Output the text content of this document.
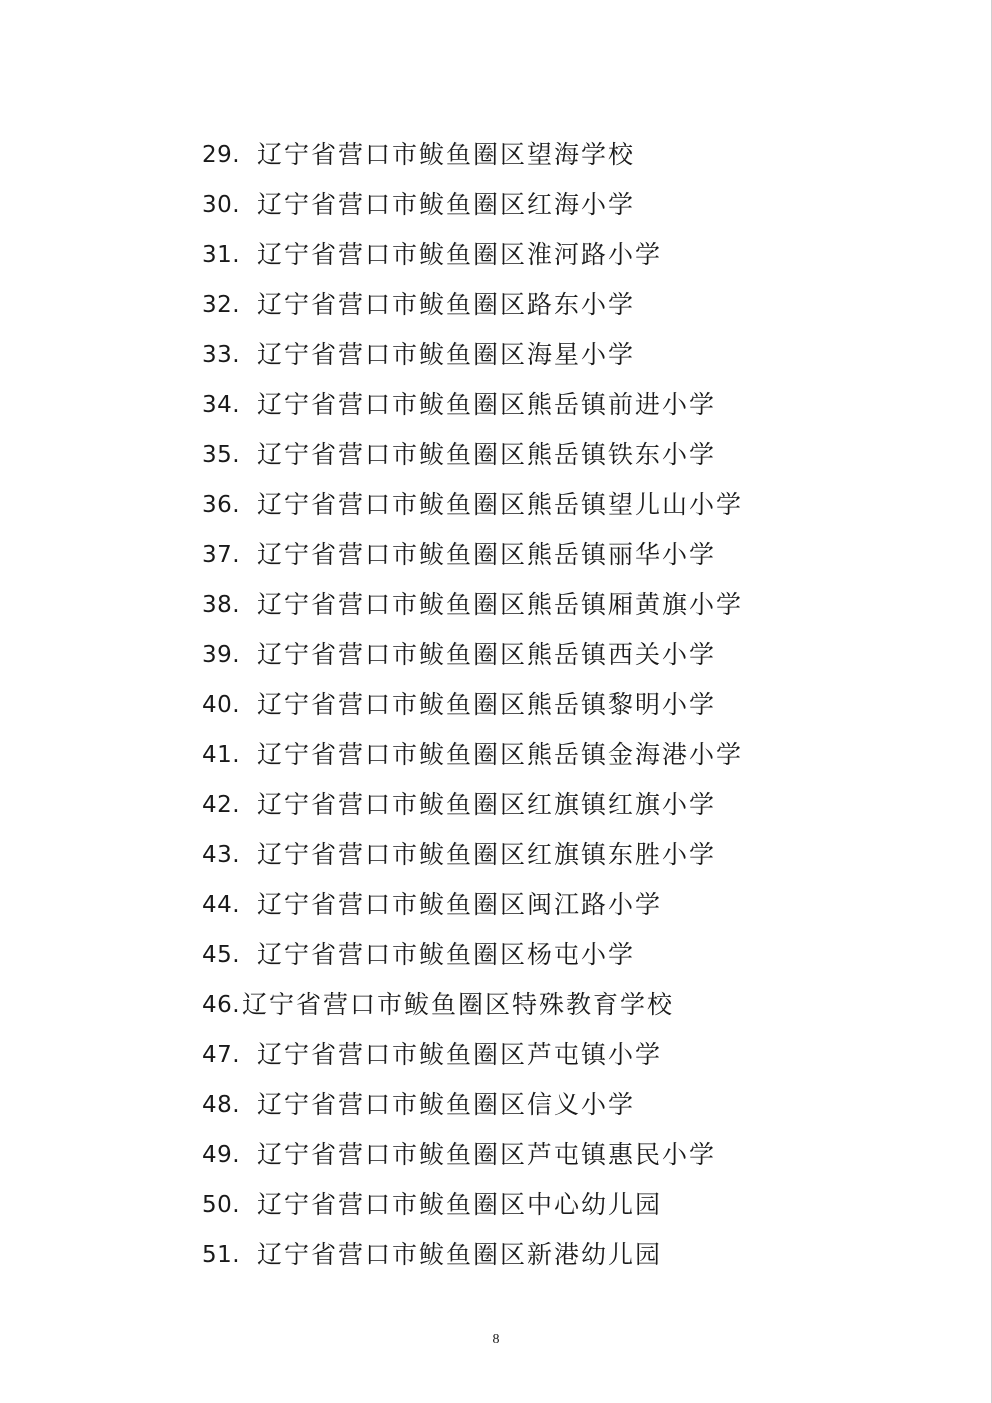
29. 辽宁省营口市鲅鱼圈区望海学校
30. 辽宁省营口市鲅鱼圈区红海小学
31. 辽宁省营口市鲅鱼圈区淮河路小学
32. 辽宁省营口市鲅鱼圈区路东小学
33. 辽宁省营口市鲅鱼圈区海星小学
34. 辽宁省营口市鲅鱼圈区熊岳镇前进小学
35. 辽宁省营口市鲅鱼圈区熊岳镇铁东小学
36. 辽宁省营口市鲅鱼圈区熊岳镇望儿山小学
37. 辽宁省营口市鲅鱼圈区熊岳镇丽华小学
38. 辽宁省营口市鲅鱼圈区熊岳镇厢黄旗小学
39. 辽宁省营口市鲅鱼圈区熊岳镇西关小学
40. 辽宁省营口市鲅鱼圈区熊岳镇黎明小学
41. 辽宁省营口市鲅鱼圈区熊岳镇金海港小学
42. 辽宁省营口市鲅鱼圈区红旗镇红旗小学
43. 辽宁省营口市鲅鱼圈区红旗镇东胜小学
44. 辽宁省营口市鲅鱼圈区闽江路小学
45. 辽宁省营口市鲅鱼圈区杨屯小学
46. 辽宁省营口市鲅鱼圈区特殊教育学校
47. 辽宁省营口市鲅鱼圈区芦屯镇小学
48. 辽宁省营口市鲅鱼圈区信义小学
49. 辽宁省营口市鲅鱼圈区芦屯镇惠民小学
50. 辽宁省营口市鲅鱼圈区中心幼儿园
51. 辽宁省营口市鲅鱼圈区新港幼儿园
8
